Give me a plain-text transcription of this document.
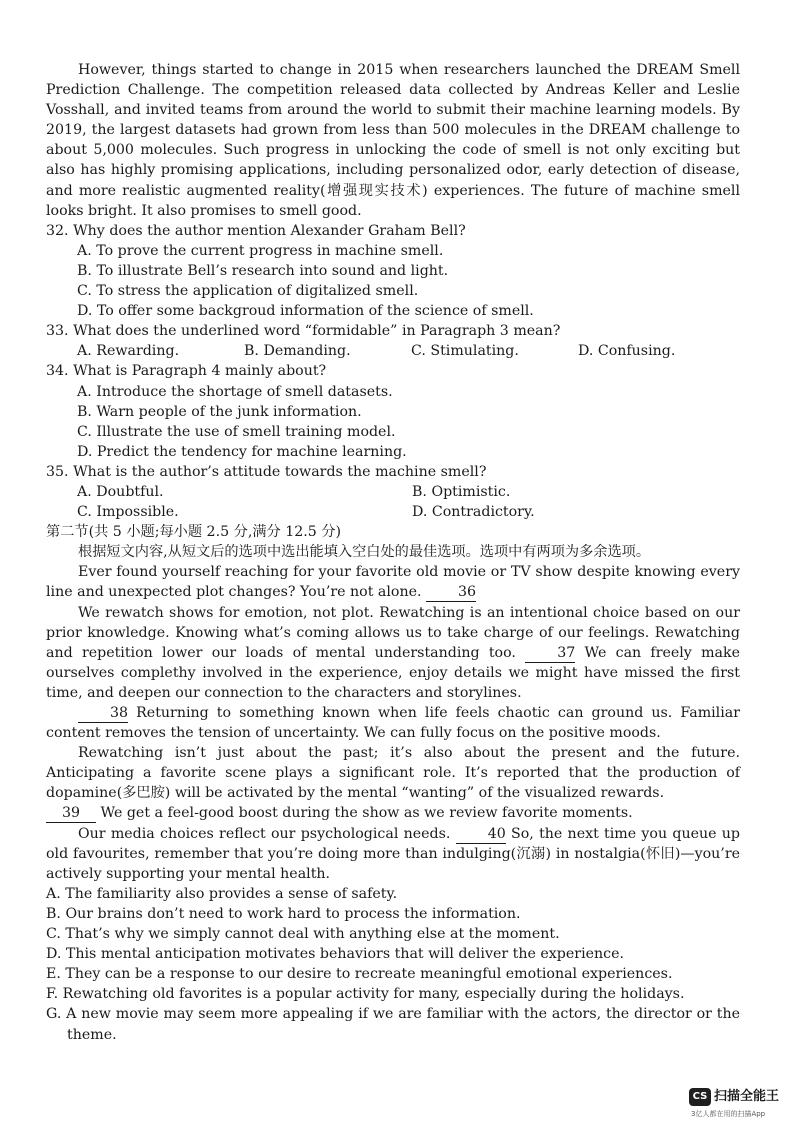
However, things started to change in 2015 when researchers launched the DREAM Smell Prediction Challenge. The competition released data collected by Andreas Keller and Leslie Vosshall, and invited teams from around the world to submit their machine learning models. By 2019, the largest datasets had grown from less than 500 molecules in the DREAM challenge to about 5,000 molecules. Such progress in unlocking the code of smell is not only exciting but also has highly promising applications, including personalized odor, early detection of disease, and more realistic augmented reality(增强现实技术) experiences. The future of machine smell looks bright. It also promises to smell good.

32. Why does the author mention Alexander Graham Bell?

A. To prove the current progress in machine smell.

B. To illustrate Bell’s research into sound and light.

C. To stress the application of digitalized smell.

D. To offer some backgroud information of the science of smell.

33. What does the underlined word “formidable” in Paragraph 3 mean?

A. Rewarding.	B. Demanding.	C. Stimulating.	D. Confusing.

34. What is Paragraph 4 mainly about?

A. Introduce the shortage of smell datasets.

B. Warn people of the junk information.

C. Illustrate the use of smell training model.

D. Predict the tendency for machine learning.

35. What is the author’s attitude towards the machine smell?

A. Doubtful.	B. Optimistic.
C. Impossible.	D. Contradictory.

第二节(共 5 小题;每小题 2.5 分,满分 12.5 分)

根据短文内容,从短文后的选项中选出能填入空白处的最佳选项。选项中有两项为多余选项。

Ever found yourself reaching for your favorite old movie or TV show despite knowing every line and unexpected plot changes? You’re not alone.	36

We rewatch shows for emotion, not plot. Rewatching is an intentional choice based on our prior knowledge. Knowing what’s coming allows us to take charge of our feelings. Rewatching and repetition lower our loads of mental understanding too.	37 We can freely make ourselves complethy involved in the experience, enjoy details we might have missed the first time, and deepen our connection to the characters and storylines.

38 Returning to something known when life feels chaotic can ground us. Familiar content removes the tension of uncertainty. We can fully focus on the positive moods.

Rewatching isn’t just about the past; it’s also about the present and the future. Anticipating a favorite scene plays a significant role. It’s reported that the production of dopamine(多巴胺) will be activated by the mental “wanting” of the visualized rewards.

39 We get a feel-good boost during the show as we review favorite moments.

Our media choices reflect our psychological needs.	40 So, the next time you queue up old favourites, remember that you’re doing more than indulging(沉溺) in nostalgia(怀旧)—you’re actively supporting your mental health.

A. The familiarity also provides a sense of safety.

B. Our brains don’t need to work hard to process the information.

C. That’s why we simply cannot deal with anything else at the moment.

D. This mental anticipation motivates behaviors that will deliver the experience.

E. They can be a response to our desire to recreate meaningful emotional experiences.

F. Rewatching old favorites is a popular activity for many, especially during the holidays.

G. A new movie may seem more appealing if we are familiar with the actors, the director or the theme.

CS 扫描全能王
3亿人都在用的扫描App
